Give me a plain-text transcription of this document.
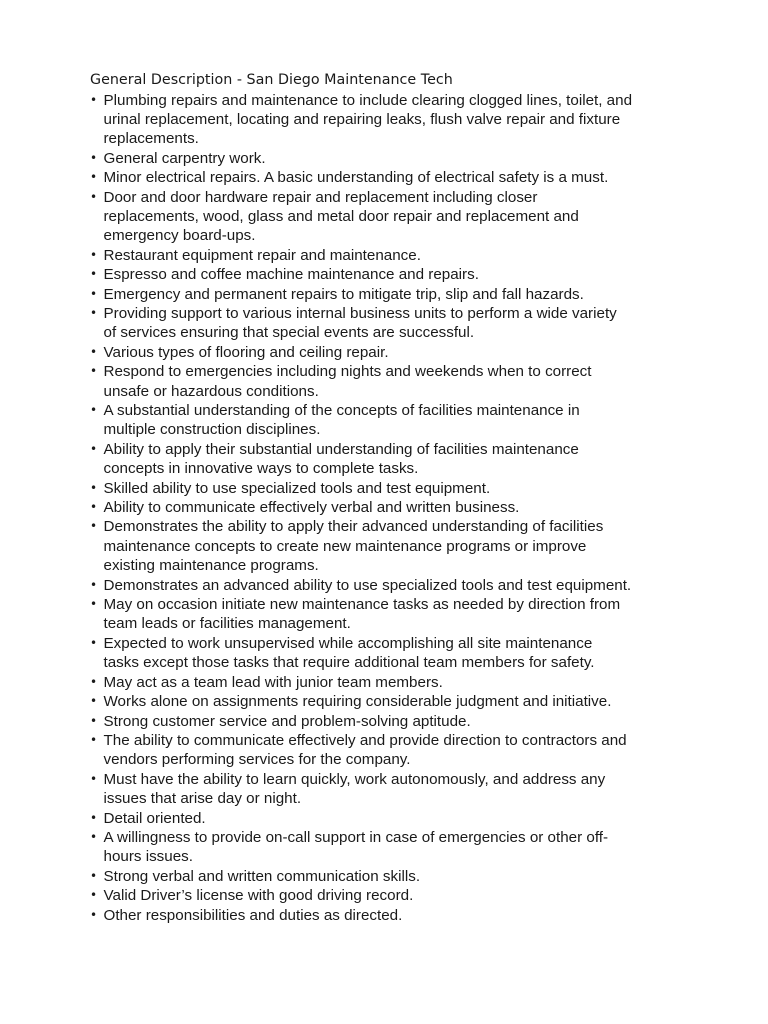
General Description - San Diego Maintenance Tech
• Plumbing repairs and maintenance to include clearing clogged lines, toilet, and
urinal replacement, locating and repairing leaks, flush valve repair and fixture
replacements.
• General carpentry work.
• Minor electrical repairs. A basic understanding of electrical safety is a must.
• Door and door hardware repair and replacement including closer
replacements, wood, glass and metal door repair and replacement and
emergency board-ups.
• Restaurant equipment repair and maintenance.
• Espresso and coffee machine maintenance and repairs.
• Emergency and permanent repairs to mitigate trip, slip and fall hazards.
• Providing support to various internal business units to perform a wide variety
of services ensuring that special events are successful.
• Various types of flooring and ceiling repair.
• Respond to emergencies including nights and weekends when to correct
unsafe or hazardous conditions.
• A substantial understanding of the concepts of facilities maintenance in
multiple construction disciplines.
• Ability to apply their substantial understanding of facilities maintenance
concepts in innovative ways to complete tasks.
• Skilled ability to use specialized tools and test equipment.
• Ability to communicate effectively verbal and written business.
• Demonstrates the ability to apply their advanced understanding of facilities
maintenance concepts to create new maintenance programs or improve
existing maintenance programs.
• Demonstrates an advanced ability to use specialized tools and test equipment.
• May on occasion initiate new maintenance tasks as needed by direction from
team leads or facilities management.
• Expected to work unsupervised while accomplishing all site maintenance
tasks except those tasks that require additional team members for safety.
• May act as a team lead with junior team members.
• Works alone on assignments requiring considerable judgment and initiative.
• Strong customer service and problem-solving aptitude.
• The ability to communicate effectively and provide direction to contractors and
vendors performing services for the company.
• Must have the ability to learn quickly, work autonomously, and address any
issues that arise day or night.
• Detail oriented.
• A willingness to provide on-call support in case of emergencies or other off-
hours issues.
• Strong verbal and written communication skills.
• Valid Driver’s license with good driving record.
• Other responsibilities and duties as directed.
